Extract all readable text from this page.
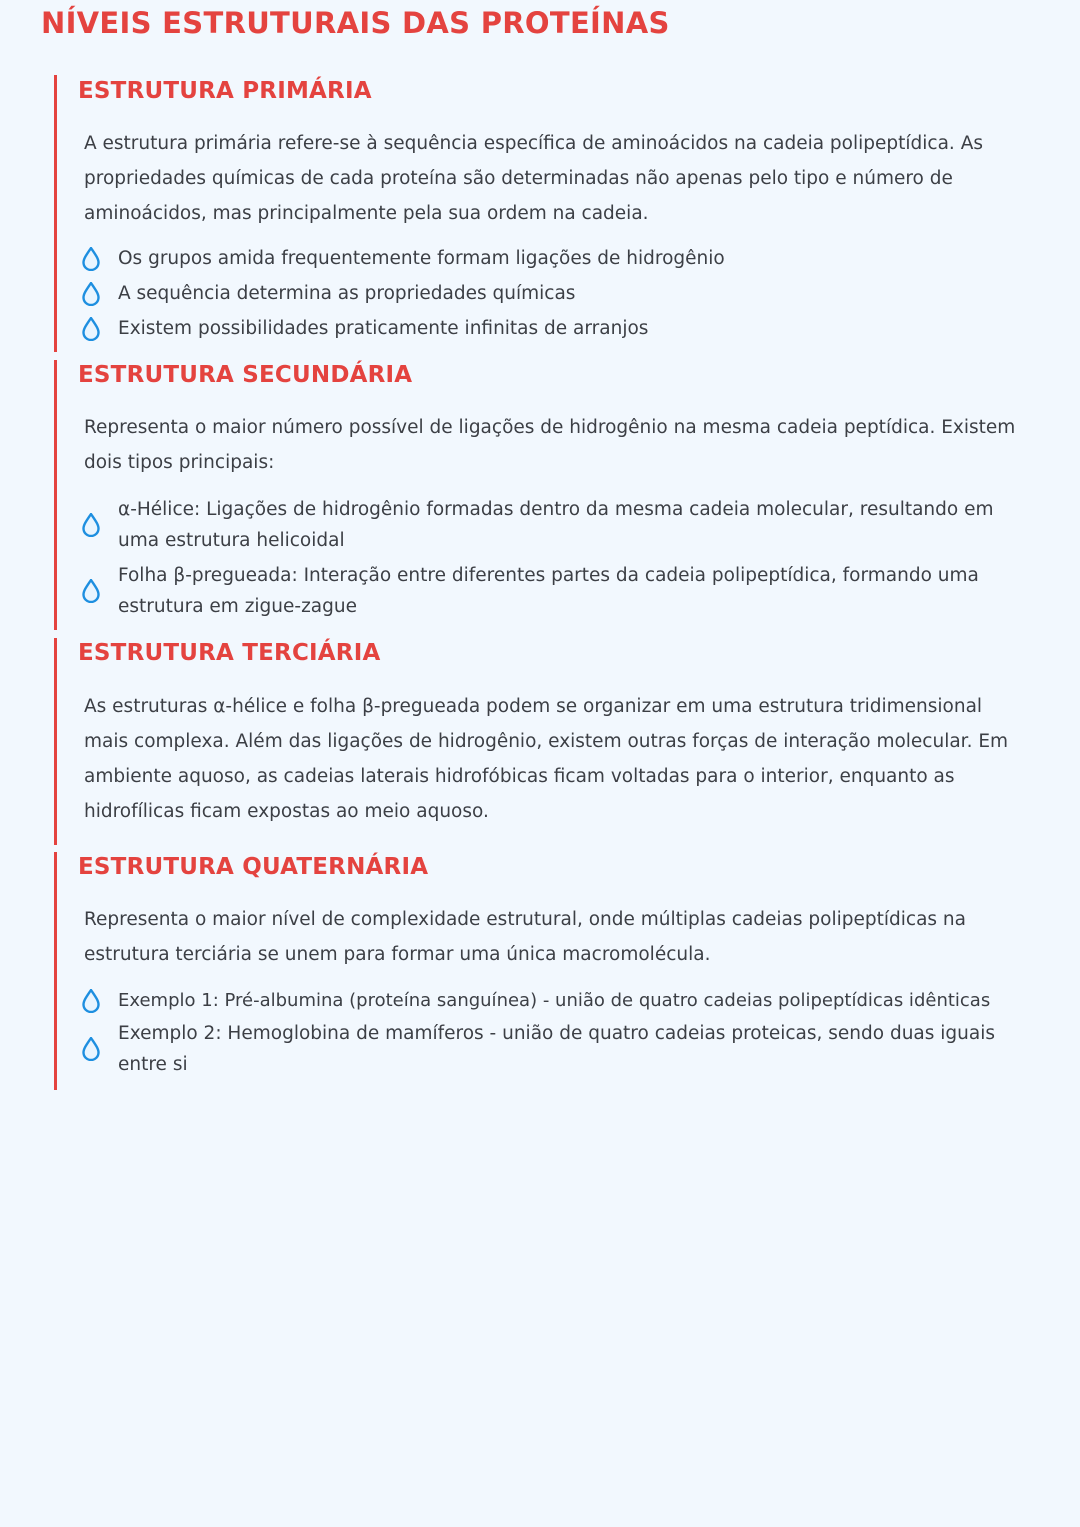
NÍVEIS ESTRUTURAIS DAS PROTEÍNAS
ESTRUTURA PRIMÁRIA

A estrutura primária refere-se à sequência específica de aminoácidos na cadeia polipeptídica. As propriedades químicas de cada proteína são determinadas não apenas pelo tipo e número de aminoácidos, mas principalmente pela sua ordem na cadeia.

Os grupos amida frequentemente formam ligações de hidrogênio
A sequência determina as propriedades químicas
Existem possibilidades praticamente infinitas de arranjos
ESTRUTURA SECUNDÁRIA

Representa o maior número possível de ligações de hidrogênio na mesma cadeia peptídica. Existem dois tipos principais:

α-Hélice: Ligações de hidrogênio formadas dentro da mesma cadeia molecular, resultando em uma estrutura helicoidal
Folha β-pregueada: Interação entre diferentes partes da cadeia polipeptídica, formando uma estrutura em zigue-zague
ESTRUTURA TERCIÁRIA

As estruturas α-hélice e folha β-pregueada podem se organizar em uma estrutura tridimensional mais complexa. Além das ligações de hidrogênio, existem outras forças de interação molecular. Em ambiente aquoso, as cadeias laterais hidrofóbicas ficam voltadas para o interior, enquanto as hidrofílicas ficam expostas ao meio aquoso.

ESTRUTURA QUATERNÁRIA

Representa o maior nível de complexidade estrutural, onde múltiplas cadeias polipeptídicas na estrutura terciária se unem para formar uma única macromolécula.

Exemplo 1: Pré-albumina (proteína sanguínea) - união de quatro cadeias polipeptídicas idênticas
Exemplo 2: Hemoglobina de mamíferos - união de quatro cadeias proteicas, sendo duas iguais entre si
